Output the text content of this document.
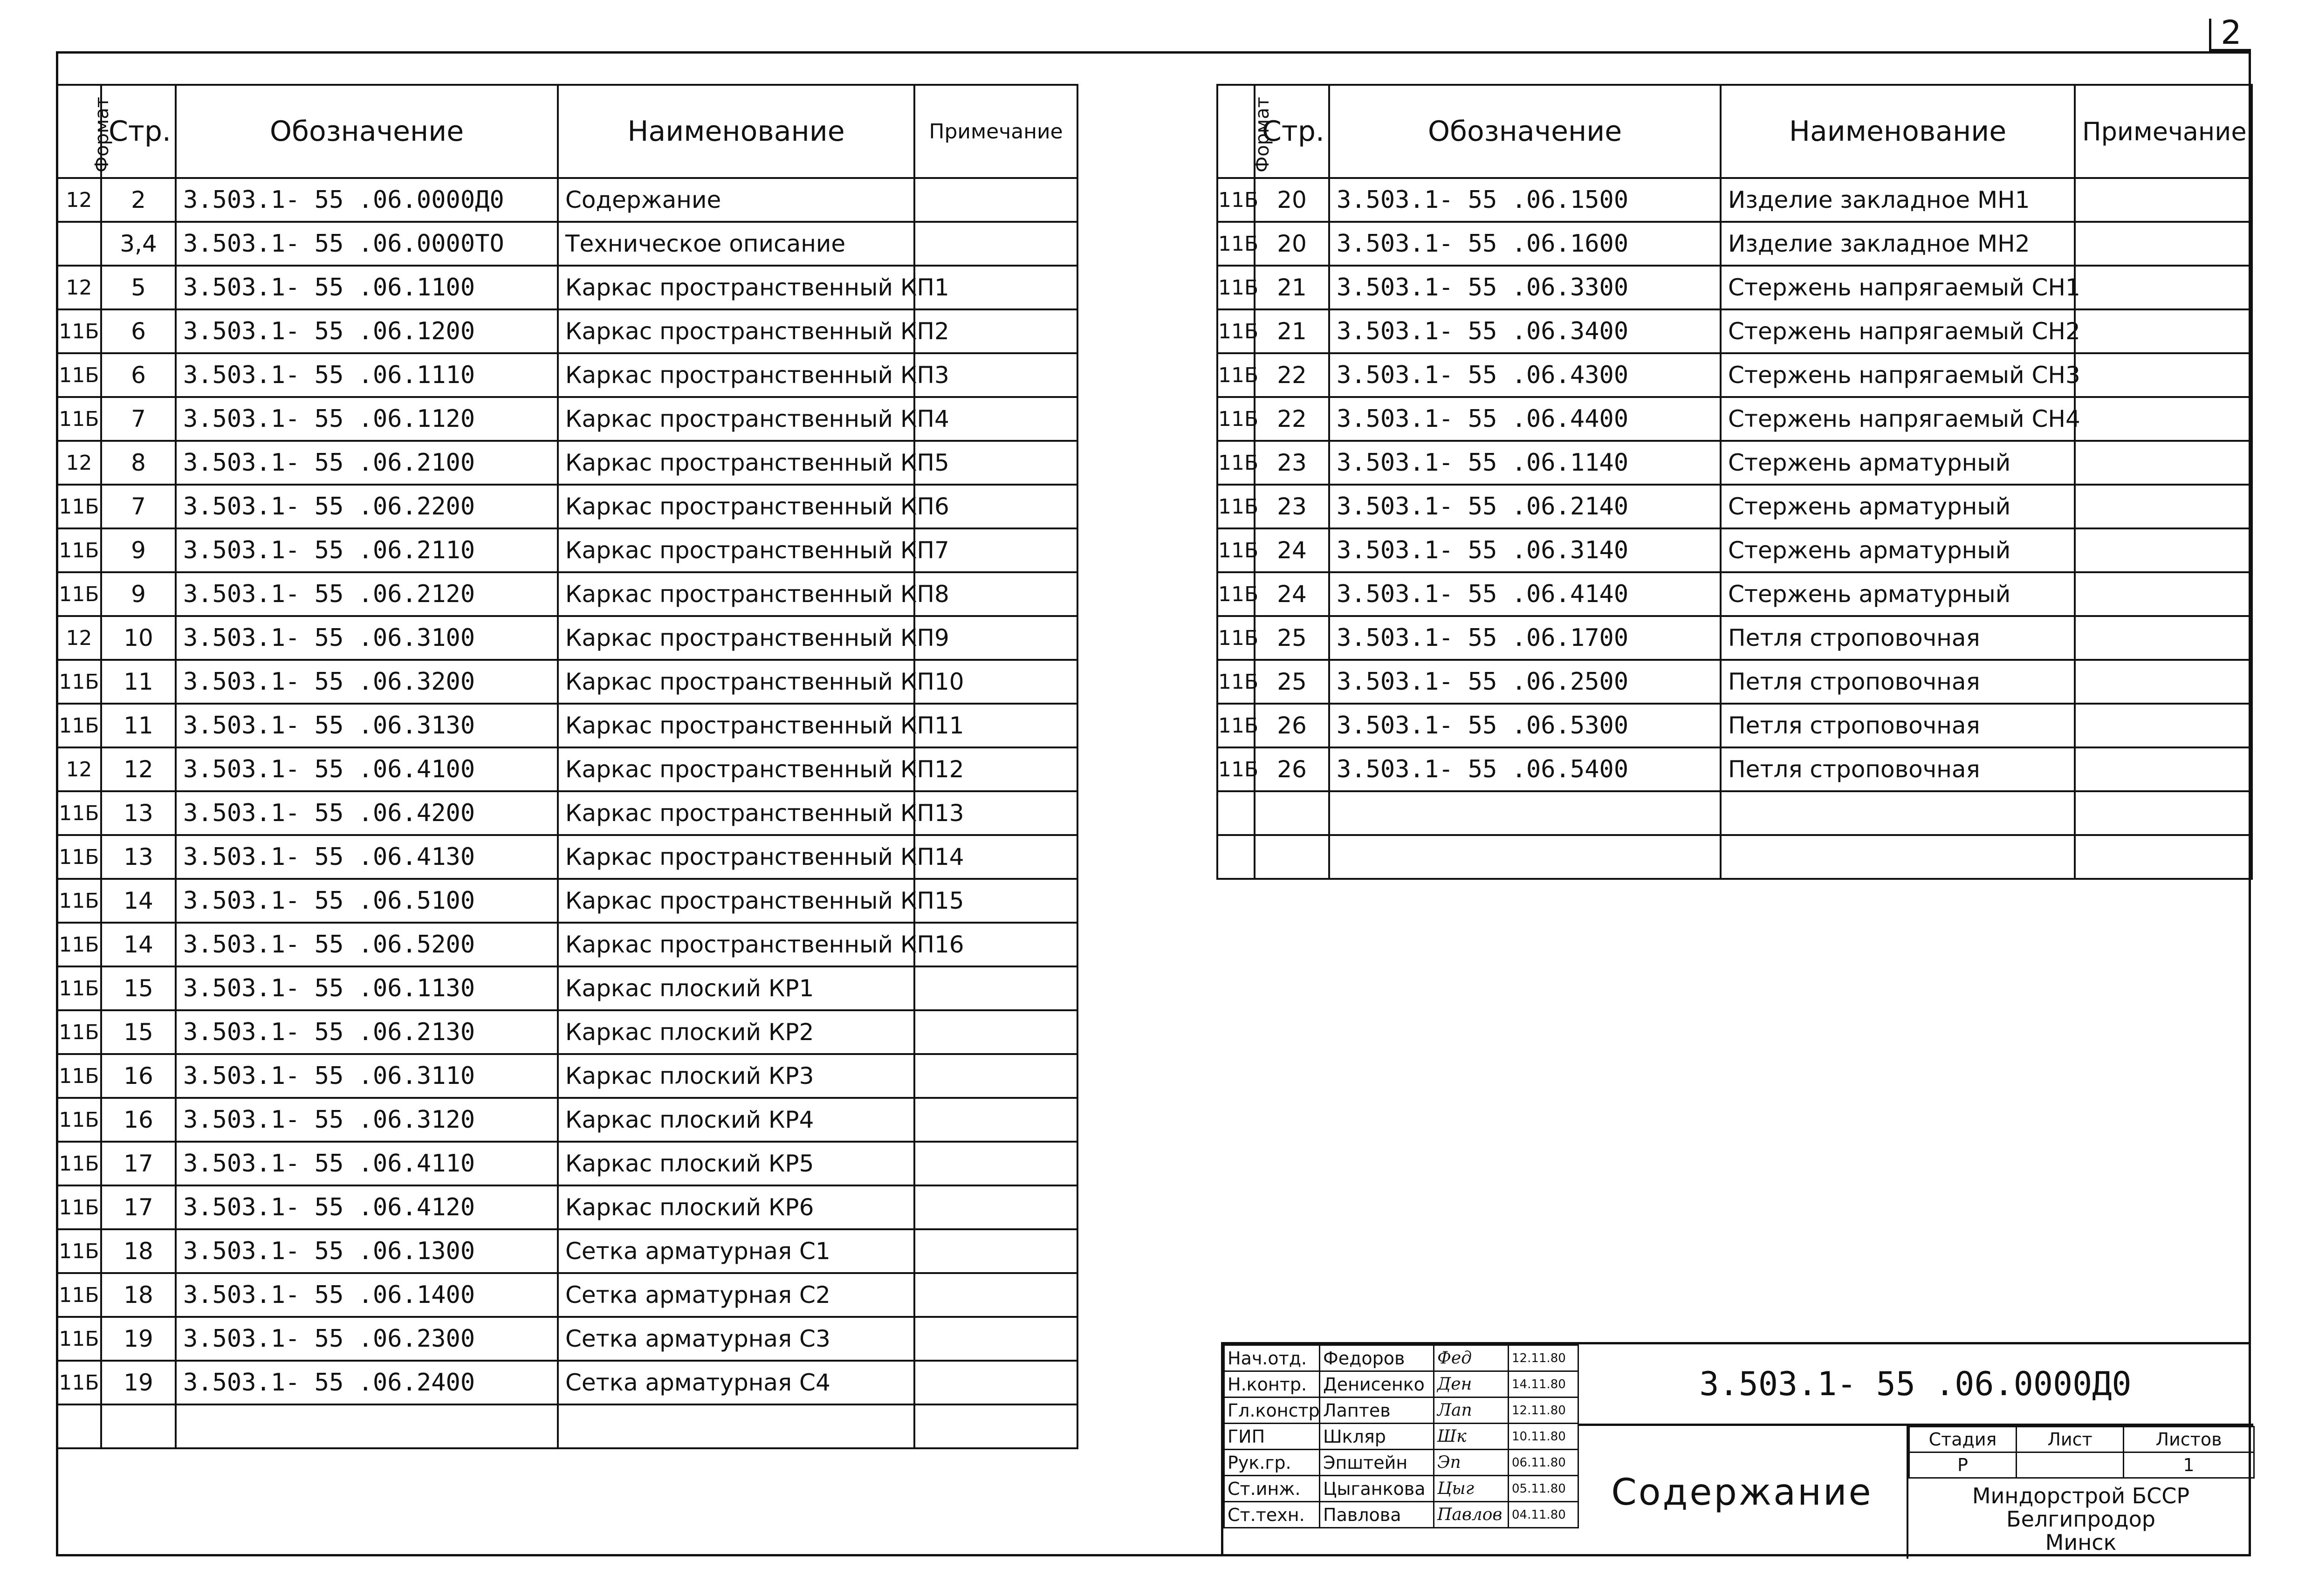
2
Формат	Стр.	Обозначение	Наименование	Примечание
12	2	3.503.1- 55 .06.0000Д0	Содержание	
	3,4	3.503.1- 55 .06.0000ТО	Техническое описание	
12	5	3.503.1- 55 .06.1100	Каркас пространственный КП1	
11Б	6	3.503.1- 55 .06.1200	Каркас пространственный КП2	
11Б	6	3.503.1- 55 .06.1110	Каркас пространственный КП3	
11Б	7	3.503.1- 55 .06.1120	Каркас пространственный КП4	
12	8	3.503.1- 55 .06.2100	Каркас пространственный КП5	
11Б	7	3.503.1- 55 .06.2200	Каркас пространственный КП6	
11Б	9	3.503.1- 55 .06.2110	Каркас пространственный КП7	
11Б	9	3.503.1- 55 .06.2120	Каркас пространственный КП8	
12	10	3.503.1- 55 .06.3100	Каркас пространственный КП9	
11Б	11	3.503.1- 55 .06.3200	Каркас пространственный КП10	
11Б	11	3.503.1- 55 .06.3130	Каркас пространственный КП11	
12	12	3.503.1- 55 .06.4100	Каркас пространственный КП12	
11Б	13	3.503.1- 55 .06.4200	Каркас пространственный КП13	
11Б	13	3.503.1- 55 .06.4130	Каркас пространственный КП14	
11Б	14	3.503.1- 55 .06.5100	Каркас пространственный КП15	
11Б	14	3.503.1- 55 .06.5200	Каркас пространственный КП16	
11Б	15	3.503.1- 55 .06.1130	Каркас плоский КР1	
11Б	15	3.503.1- 55 .06.2130	Каркас плоский КР2	
11Б	16	3.503.1- 55 .06.3110	Каркас плоский КР3	
11Б	16	3.503.1- 55 .06.3120	Каркас плоский КР4	
11Б	17	3.503.1- 55 .06.4110	Каркас плоский КР5	
11Б	17	3.503.1- 55 .06.4120	Каркас плоский КР6	
11Б	18	3.503.1- 55 .06.1300	Сетка арматурная С1	
11Б	18	3.503.1- 55 .06.1400	Сетка арматурная С2	
11Б	19	3.503.1- 55 .06.2300	Сетка арматурная С3	
11Б	19	3.503.1- 55 .06.2400	Сетка арматурная С4	

Формат	Стр.	Обозначение	Наименование	Примечание
11Б	20	3.503.1- 55 .06.1500	Изделие закладное МН1	
11Б	20	3.503.1- 55 .06.1600	Изделие закладное МН2	
11Б	21	3.503.1- 55 .06.3300	Стержень напрягаемый СН1	
11Б	21	3.503.1- 55 .06.3400	Стержень напрягаемый СН2	
11Б	22	3.503.1- 55 .06.4300	Стержень напрягаемый СН3	
11Б	22	3.503.1- 55 .06.4400	Стержень напрягаемый СН4	
11Б	23	3.503.1- 55 .06.1140	Стержень арматурный	
11Б	23	3.503.1- 55 .06.2140	Стержень арматурный	
11Б	24	3.503.1- 55 .06.3140	Стержень арматурный	
11Б	24	3.503.1- 55 .06.4140	Стержень арматурный	
11Б	25	3.503.1- 55 .06.1700	Петля строповочная	
11Б	25	3.503.1- 55 .06.2500	Петля строповочная	
11Б	26	3.503.1- 55 .06.5300	Петля строповочная	
11Б	26	3.503.1- 55 .06.5400	Петля строповочная	

Нач.отд.	Федоров	Фед	12.11.80
Н.контр.	Денисенко	Ден	14.11.80
Гл.констр	Лаптев	Лап	12.11.80
ГИП	Шкляр	Шк	10.11.80
Рук.гр.	Эпштейн	Эп	06.11.80
Ст.инж.	Цыганкова	Цыг	05.11.80
Ст.техн.	Павлова	Павлов	04.11.80
3.503.1- 55 .06.0000Д0
Содержание
Стадия	Лист	Листов
Р		1
Миндорстрой БССР
Белгипродор
Минск
